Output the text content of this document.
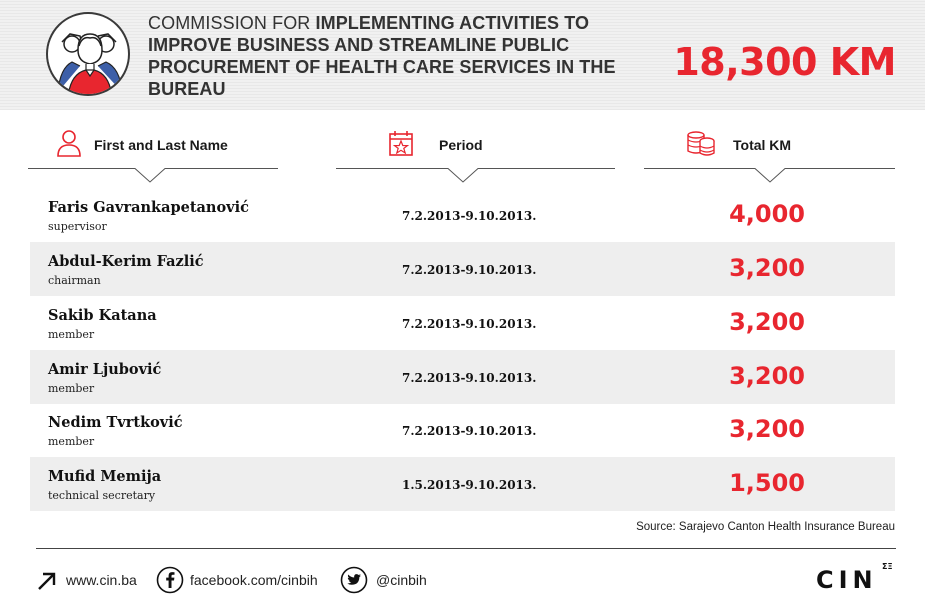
COMMISSION FOR IMPLEMENTING ACTIVITIES TO IMPROVE BUSINESS AND STREAMLINE PUBLIC PROCUREMENT OF HEALTH CARE SERVICES IN THE BUREAU
18,300 KM
First and Last Name	Period	Total KM
Faris Gavrankapetanović
supervisor
7.2.2013-9.10.2013.	4,000
Abdul-Kerim Fazlić
chairman
7.2.2013-9.10.2013.	3,200
Sakib Katana
member
7.2.2013-9.10.2013.	3,200
Amir Ljubović
member
7.2.2013-9.10.2013.	3,200
Nedim Tvrtković
member
7.2.2013-9.10.2013.	3,200
Mufid Memija
technical secretary
1.5.2013-9.10.2013.	1,500
Source: Sarajevo Canton Health Insurance Bureau
www.cin.ba	facebook.com/cinbih	@cinbih	CIN ΣΞ
